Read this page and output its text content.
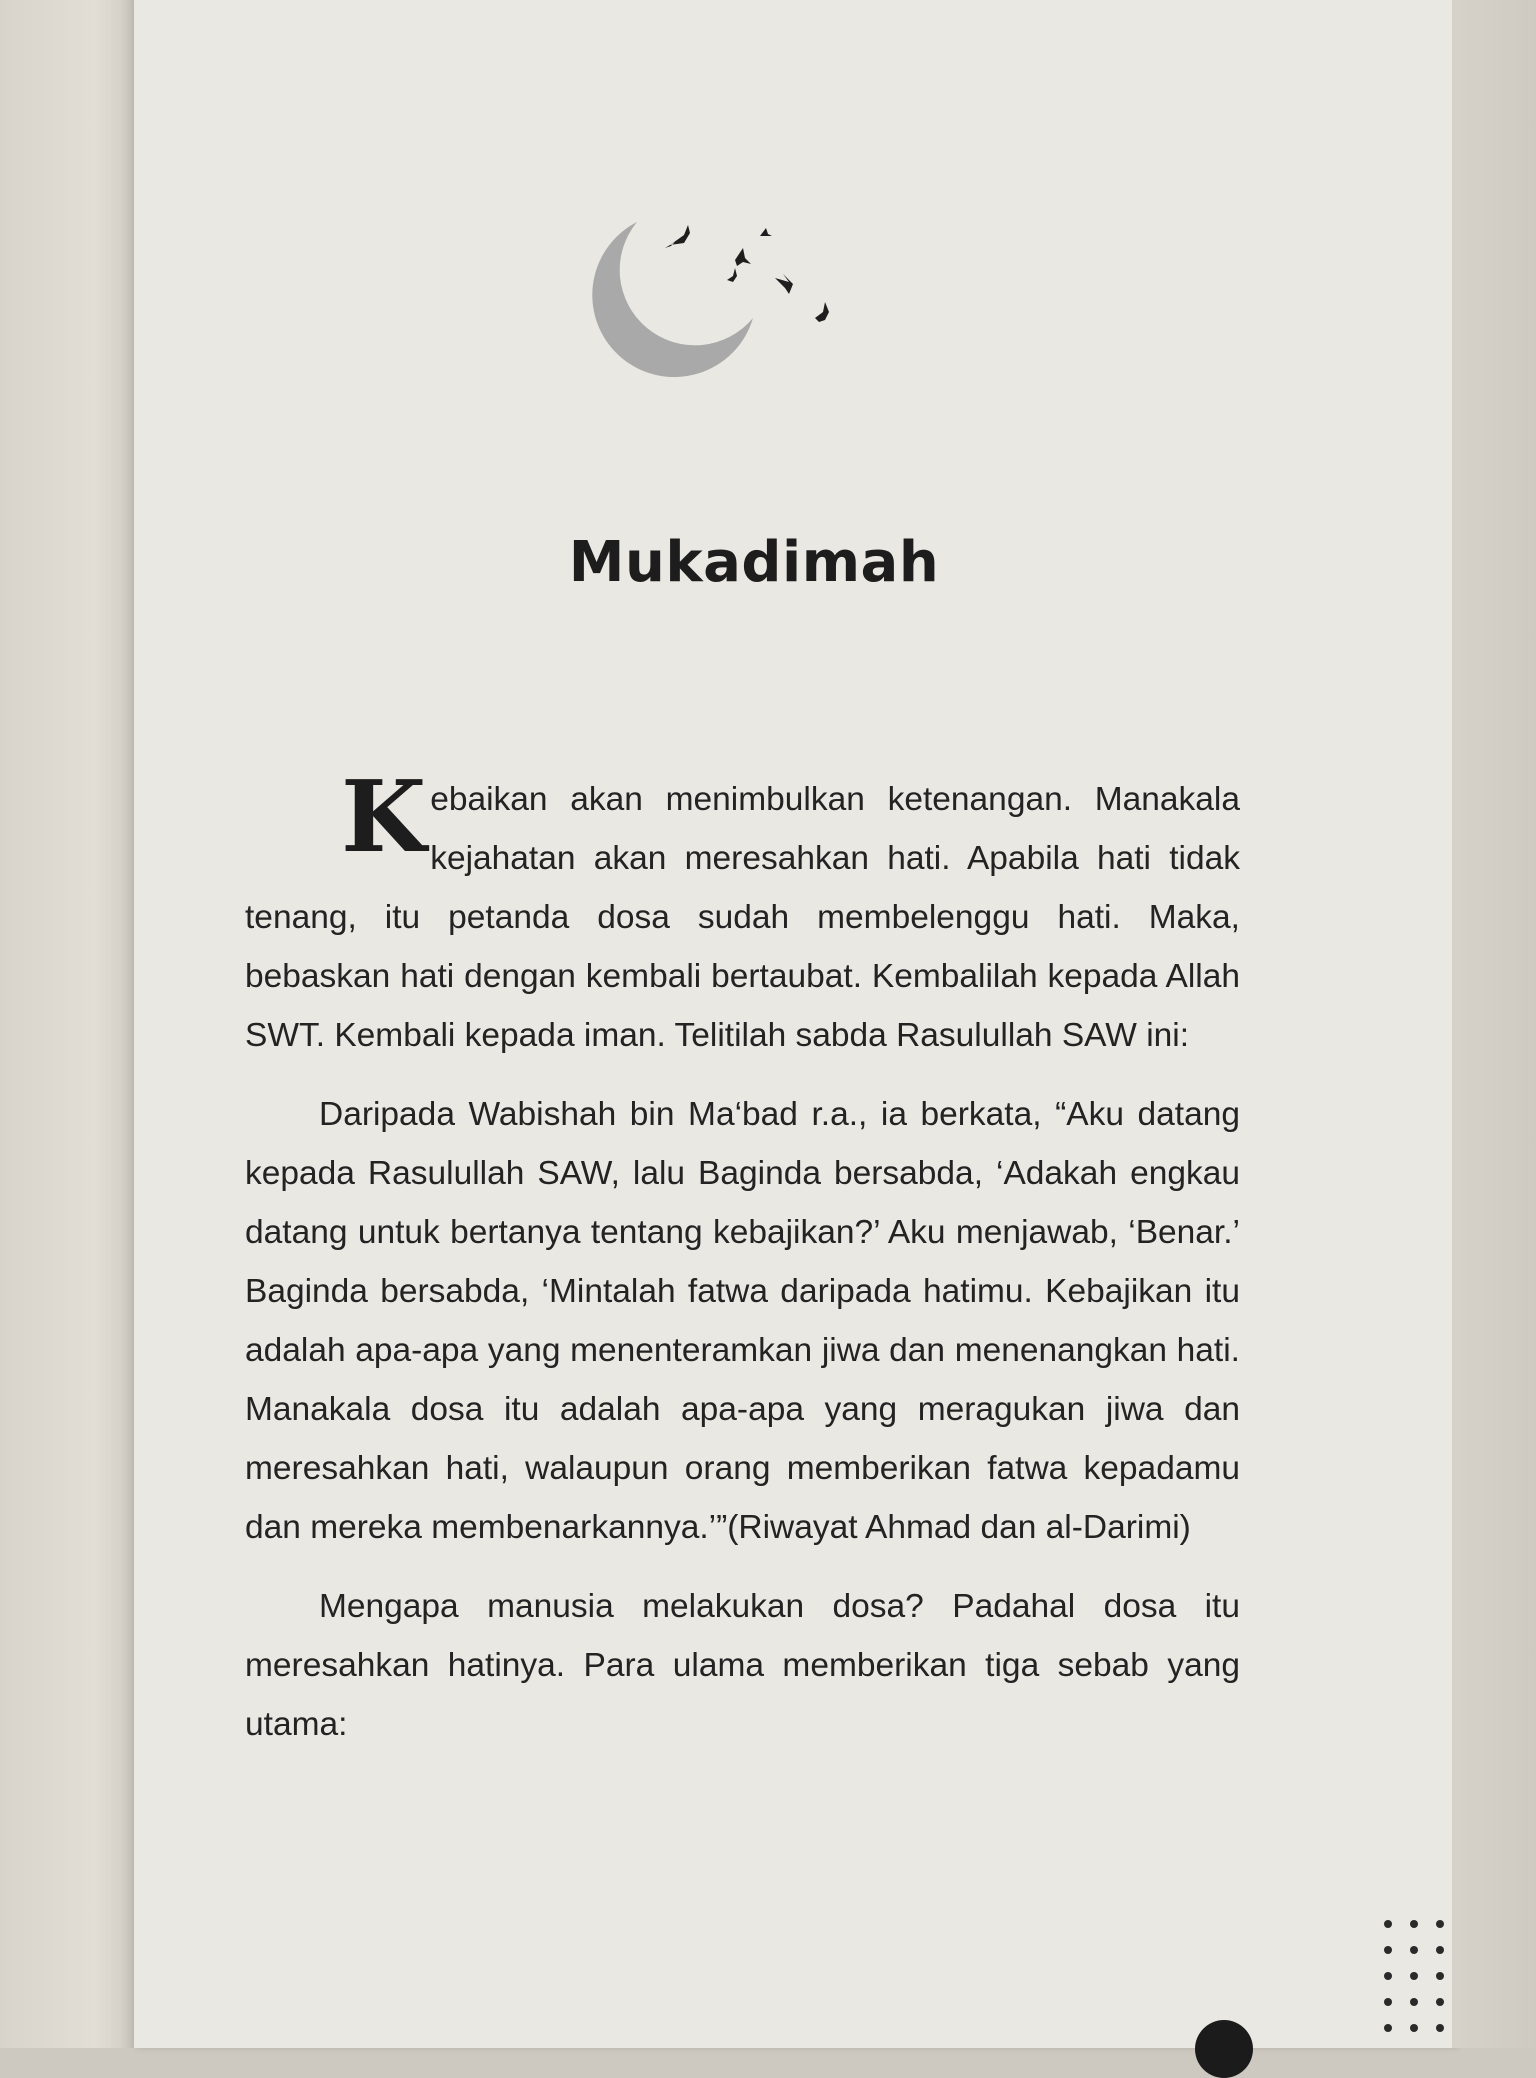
Mukadimah

Kebaikan akan menimbulkan ketenangan. Manakala kejahatan akan meresahkan hati. Apabila hati tidak tenang, itu petanda dosa sudah membelenggu hati. Maka, bebaskan hati dengan kembali bertaubat. Kembalilah kepada Allah SWT. Kembali kepada iman. Telitilah sabda Rasulullah SAW ini:

Daripada Wabishah bin Ma‘bad r.a., ia berkata, “Aku datang kepada Rasulullah SAW, lalu Baginda bersabda, ‘Adakah engkau datang untuk bertanya tentang kebajikan?’ Aku menjawab, ‘Benar.’ Baginda bersabda, ‘Mintalah fatwa daripada hatimu. Kebajikan itu adalah apa-apa yang menenteramkan jiwa dan menenangkan hati. Manakala dosa itu adalah apa-apa yang meragukan jiwa dan meresahkan hati, walaupun orang memberikan fatwa kepadamu dan mereka membenarkannya.’”(Riwayat Ahmad dan al-Darimi)

Mengapa manusia melakukan dosa? Padahal dosa itu meresahkan hatinya. Para ulama memberikan tiga sebab yang utama:
